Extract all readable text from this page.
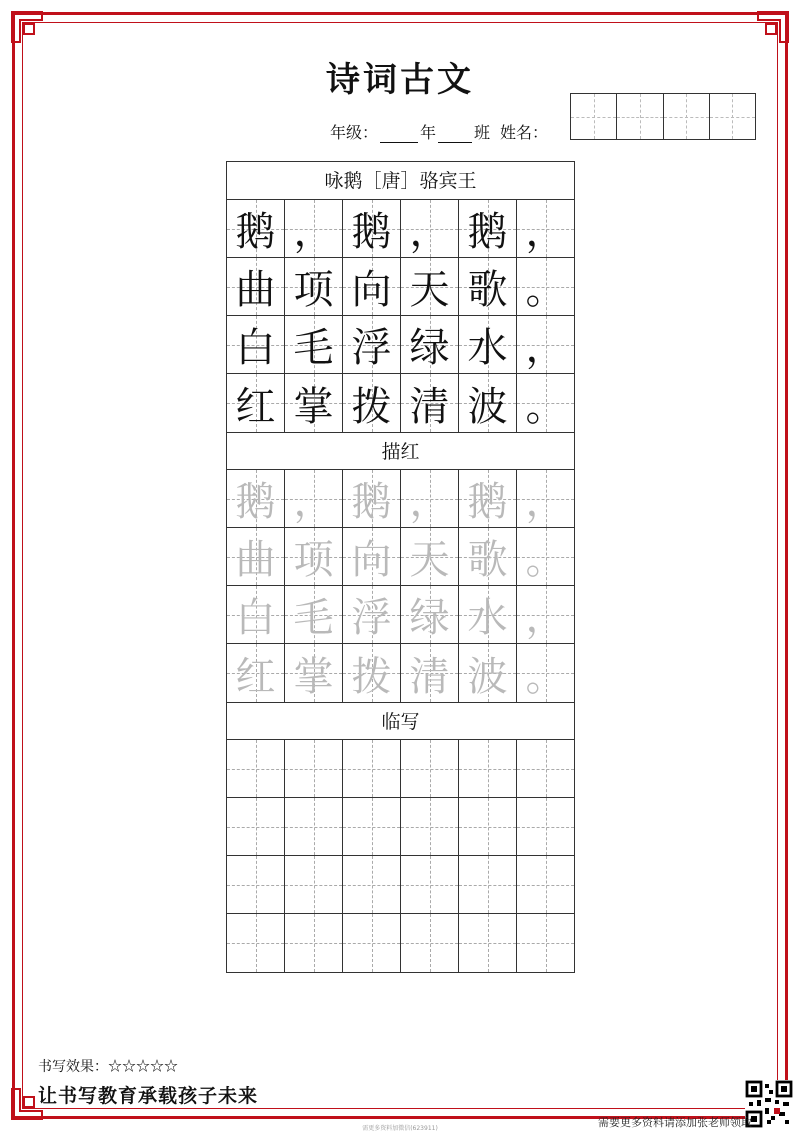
诗词古文
年级：	年 班 姓名：
咏鹅［唐］骆宾王
鹅 ， 鹅 ， 鹅 ，
曲 项 向 天 歌 。
白 毛 浮 绿 水 ，
红 掌 拨 清 波 。
描红
鹅 ， 鹅 ， 鹅 ，
曲 项 向 天 歌 。
白 毛 浮 绿 水 ，
红 掌 拨 清 波 。
临写
书写效果：☆☆☆☆☆
让书写教育承载孩子未来
需要更多资料请添加张老师领取
需更多资料加微信(623911)
